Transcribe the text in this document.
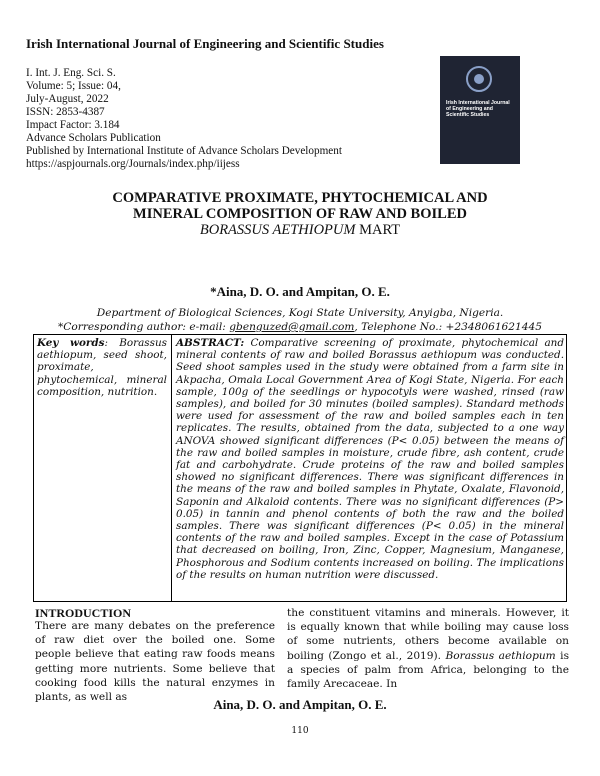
Irish International Journal of Engineering and Scientific Studies
I. Int. J. Eng. Sci. S.
Volume: 5; Issue: 04,
July-August, 2022
ISSN: 2853-4387
Impact Factor: 3.184
Advance Scholars Publication
Published by International Institute of Advance Scholars Development
https://aspjournals.org/Journals/index.php/iijess
Irish International Journal of Engineering and Scientific Studies
COMPARATIVE PROXIMATE, PHYTOCHEMICAL AND
MINERAL COMPOSITION OF RAW AND BOILED
BORASSUS AETHIOPUM MART
*Aina, D. O. and Ampitan, O. E.
Department of Biological Sciences, Kogi State University, Anyigba, Nigeria.
*Corresponding author: e-mail: gbenguzed@gmail.com, Telephone No.: +2348061621445
Key words: Borassus aethiopum, seed shoot, proximate, phytochemical, mineral composition, nutrition.
ABSTRACT: Comparative screening of proximate, phytochemical and mineral contents of raw and boiled Borassus aethiopum was conducted. Seed shoot samples used in the study were obtained from a farm site in Akpacha, Omala Local Government Area of Kogi State, Nigeria. For each sample, 100g of the seedlings or hypocotyls were washed, rinsed (raw samples), and boiled for 30 minutes (boiled samples). Standard methods were used for assessment of the raw and boiled samples each in ten replicates. The results, obtained from the data, subjected to a one way ANOVA showed significant differences (P< 0.05) between the means of the raw and boiled samples in moisture, crude fibre, ash content, crude fat and carbohydrate. Crude proteins of the raw and boiled samples showed no significant differences. There was significant differences in the means of the raw and boiled samples in Phytate, Oxalate, Flavonoid, Saponin and Alkaloid contents. There was no significant differences (P> 0.05) in tannin and phenol contents of both the raw and the boiled samples. There was significant differences (P< 0.05) in the mineral contents of the raw and boiled samples. Except in the case of Potassium that decreased on boiling, Iron, Zinc, Copper, Magnesium, Manganese, Phosphorous and Sodium contents increased on boiling. The implications of the results on human nutrition were discussed.
INTRODUCTION
There are many debates on the preference of raw diet over the boiled one. Some people believe that eating raw foods means getting more nutrients. Some believe that cooking food kills the natural enzymes in plants, as well as
the constituent vitamins and minerals. However, it is equally known that while boiling may cause loss of some nutrients, others become available on boiling (Zongo et al., 2019). Borassus aethiopum is a species of palm from Africa, belonging to the family Arecaceae. In
Aina, D. O. and Ampitan, O. E.
110
